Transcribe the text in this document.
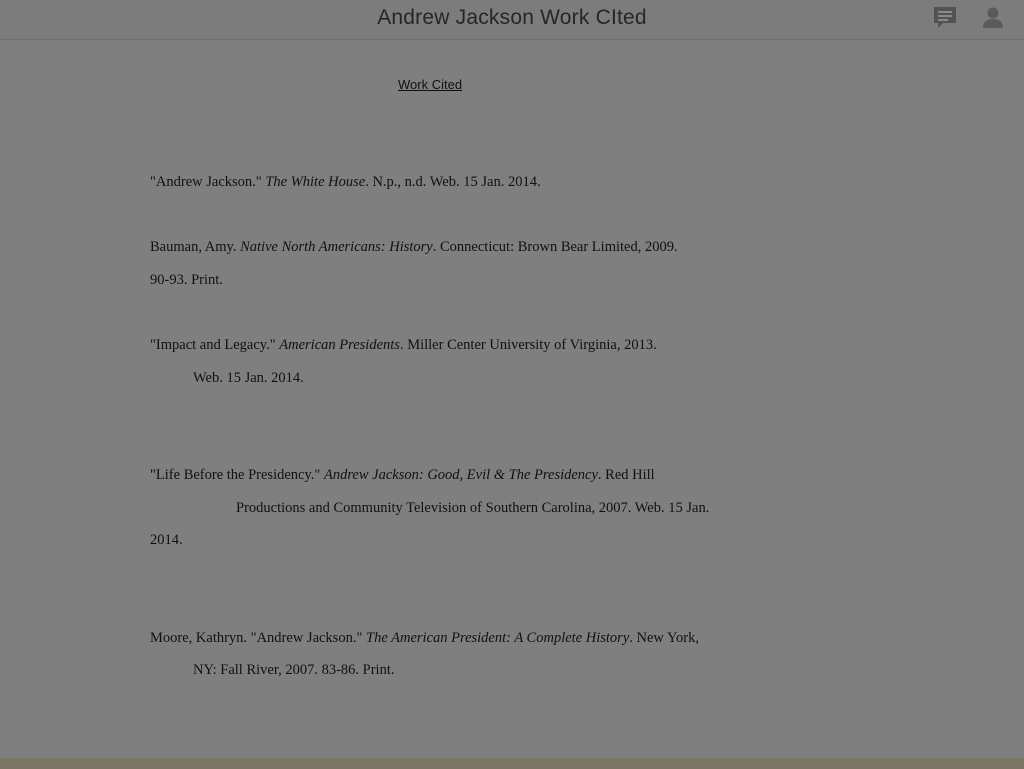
Andrew Jackson Work CIted
Work Cited
"Andrew Jackson." The White House. N.p., n.d. Web. 15 Jan. 2014.
Bauman, Amy. Native North Americans: History. Connecticut: Brown Bear Limited, 2009.
90-93. Print.
"Impact and Legacy." American Presidents. Miller Center University of Virginia, 2013.
Web. 15 Jan. 2014.
"Life Before the Presidency." Andrew Jackson: Good, Evil & The Presidency. Red Hill
Productions and Community Television of Southern Carolina, 2007. Web. 15 Jan.
2014.
Moore, Kathryn. "Andrew Jackson." The American President: A Complete History. New York,
NY: Fall River, 2007. 83-86. Print.
